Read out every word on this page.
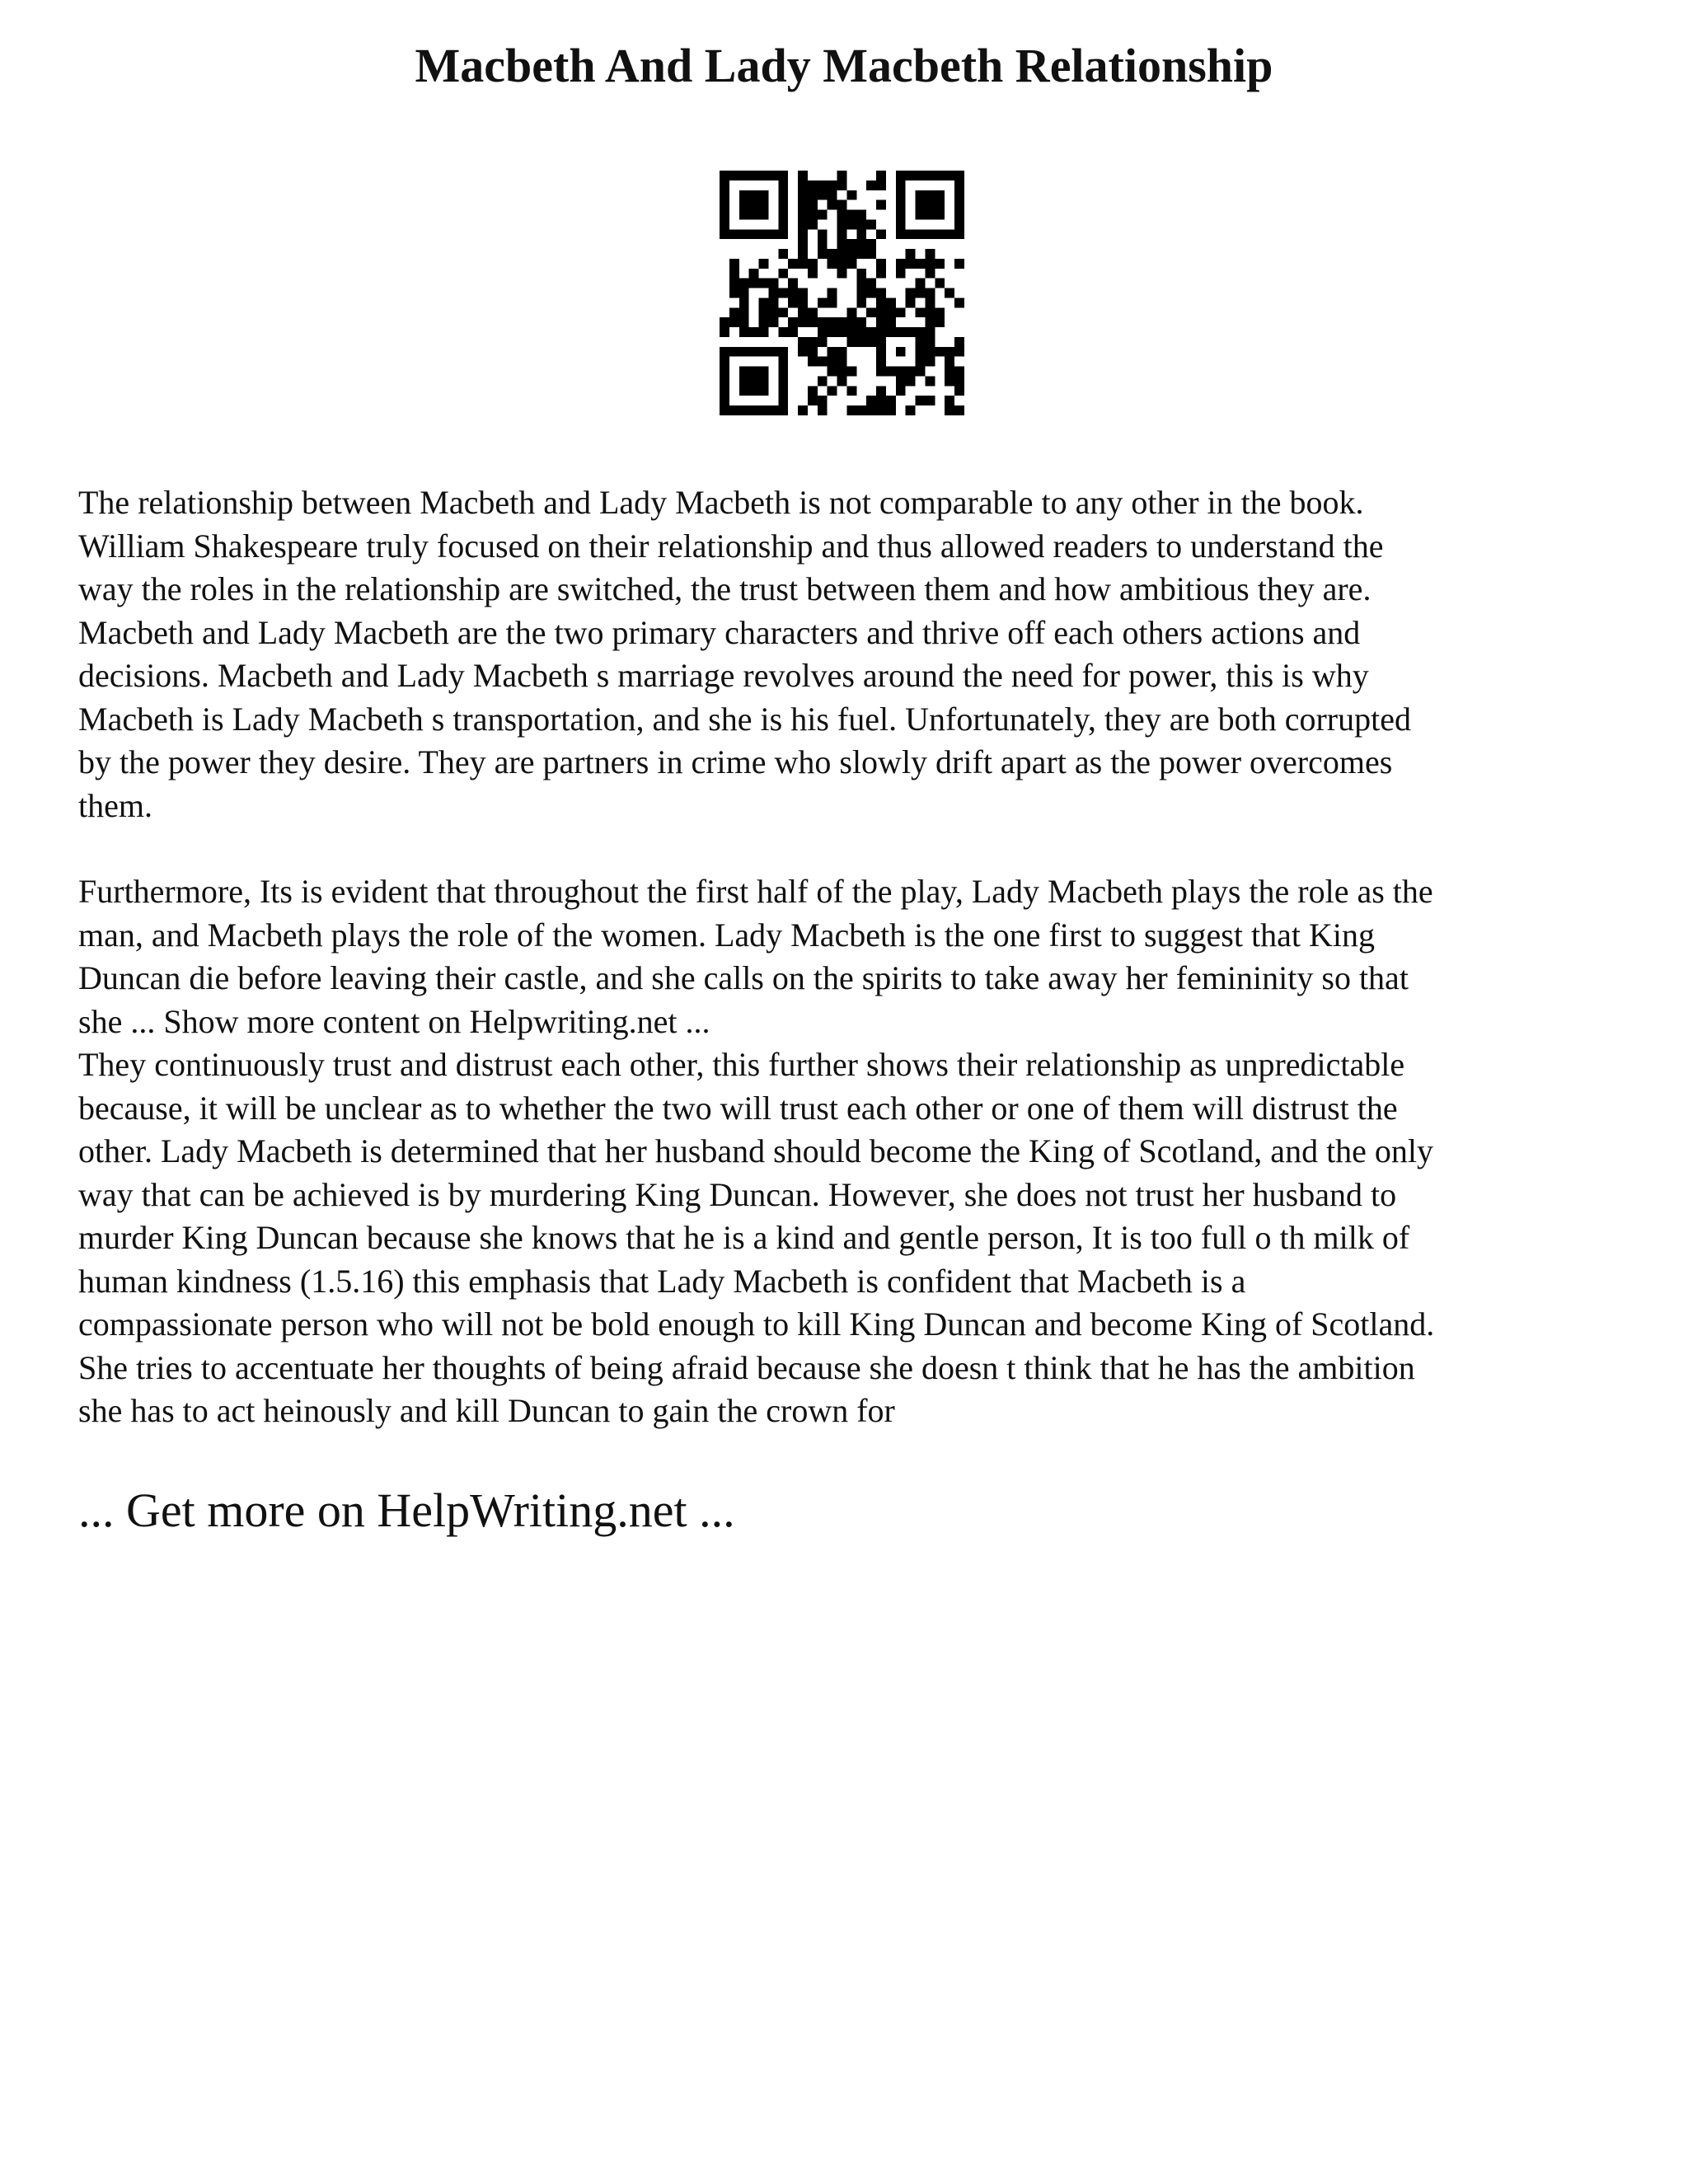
Macbeth And Lady Macbeth Relationship

The relationship between Macbeth and Lady Macbeth is not comparable to any other in the book.
William Shakespeare truly focused on their relationship and thus allowed readers to understand the
way the roles in the relationship are switched, the trust between them and how ambitious they are.
Macbeth and Lady Macbeth are the two primary characters and thrive off each others actions and
decisions. Macbeth and Lady Macbeth s marriage revolves around the need for power, this is why
Macbeth is Lady Macbeth s transportation, and she is his fuel. Unfortunately, they are both corrupted
by the power they desire. They are partners in crime who slowly drift apart as the power overcomes
them.

Furthermore, Its is evident that throughout the first half of the play, Lady Macbeth plays the role as the
man, and Macbeth plays the role of the women. Lady Macbeth is the one first to suggest that King
Duncan die before leaving their castle, and she calls on the spirits to take away her femininity so that
she ... Show more content on Helpwriting.net ...

They continuously trust and distrust each other, this further shows their relationship as unpredictable
because, it will be unclear as to whether the two will trust each other or one of them will distrust the
other. Lady Macbeth is determined that her husband should become the King of Scotland, and the only
way that can be achieved is by murdering King Duncan. However, she does not trust her husband to
murder King Duncan because she knows that he is a kind and gentle person, It is too full o th milk of
human kindness (1.5.16) this emphasis that Lady Macbeth is confident that Macbeth is a
compassionate person who will not be bold enough to kill King Duncan and become King of Scotland.
She tries to accentuate her thoughts of being afraid because she doesn t think that he has the ambition
she has to act heinously and kill Duncan to gain the crown for

... Get more on HelpWriting.net ...
